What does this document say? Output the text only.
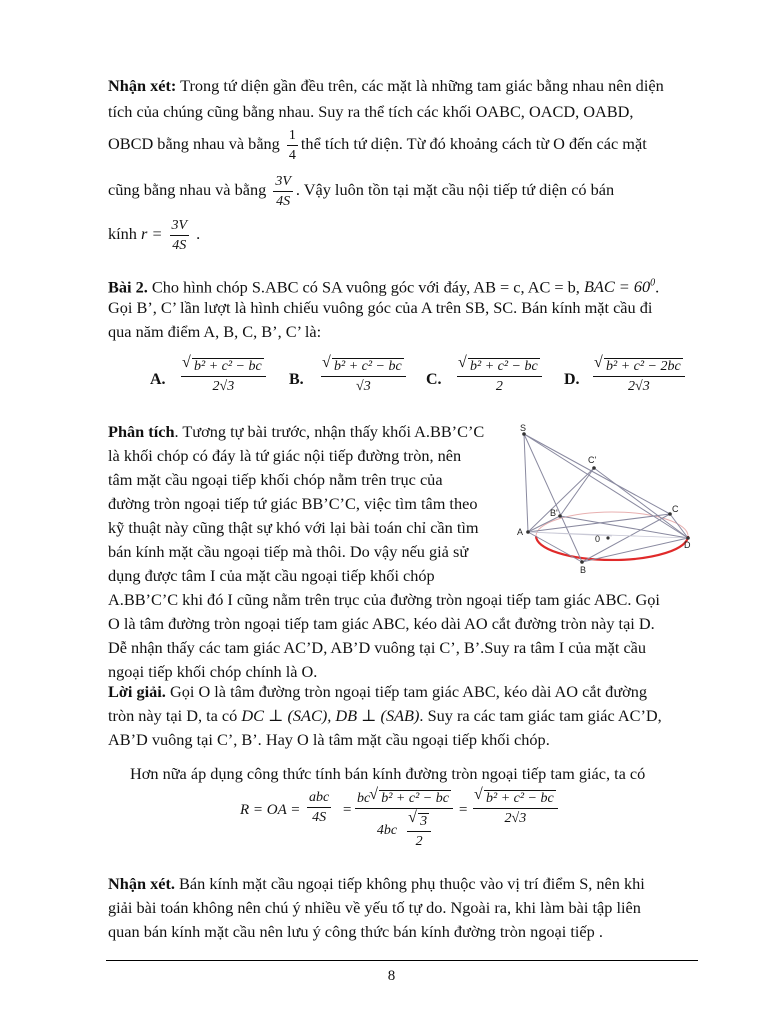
Nhận xét: Trong tứ diện gần đều trên, các mặt là những tam giác bằng nhau nên diện
tích của chúng cũng bằng nhau. Suy ra thể tích các khối OABC, OACD, OABD,
OBCD bằng nhau và bằng $\frac{1}{4}$ thể tích tứ diện. Từ đó khoảng cách từ O đến các mặt
cũng bằng nhau và bằng $\frac{3V}{4S}$ . Vậy luôn tồn tại mặt cầu nội tiếp tứ diện có bán
kính $r = \frac{3V}{4S}$ .
Bài 2. Cho hình chóp S.ABC có SA vuông góc với đáy, AB = c, AC = b, BAC = $60^0$.
Gọi B’, C’ lần lượt là hình chiếu vuông góc của A trên SB, SC. Bán kính mặt cầu đi
qua năm điểm A, B, C, B’, C’ là:
A. √ $\frac{\text{b² + c² − bc}}{2√3} B$. √ $\frac{\text{b² + c² − bc}}{√3} C$. √ $\frac{\text{b² + c² − bc}}{2} D$. √ $\frac{\text{b² + c² − 2bc}}{2√3}$
Phân tích. Tương tự bài trước, nhận thấy khối A.BB’C’C
là khối chóp có đáy là tứ giác nội tiếp đường tròn, nên
tâm mặt cầu ngoại tiếp khối chóp nằm trên trục của
đường tròn ngoại tiếp tứ giác BB’C’C, việc tìm tâm theo
kỹ thuật này cũng thật sự khó với lại bài toán chỉ cần tìm
bán kính mặt cầu ngoại tiếp mà thôi. Do vậy nếu giả sử
dụng được tâm I của mặt cầu ngoại tiếp khối chóp
A.BB’C’C khi đó I cũng nằm trên trục của đường tròn ngoại tiếp tam giác ABC. Gọi
O là tâm đường tròn ngoại tiếp tam giác ABC, kéo dài AO cắt đường tròn này tại D.
Dễ nhận thấy các tam giác AC’D, AB’D vuông tại C’, B’.Suy ra tâm I của mặt cầu
ngoại tiếp khối chóp chính là O.
S
C'
B'
A
0
C
D
B
Lời giải. Gọi O là tâm đường tròn ngoại tiếp tam giác ABC, kéo dài AO cắt đường
tròn này tại D, ta có DC ⊥ (SAC), DB ⊥ (SAB). Suy ra các tam giác tam giác AC’D,
AB’D vuông tại C’, B’. Hay O là tâm mặt cầu ngoại tiếp khối chóp.
Hơn nữa áp dụng công thức tính bán kính đường tròn ngoại tiếp tam giác, ta có
R = OA =
abc
4S	=
bc √ b² + c² − bc
4bc √ $\frac{3}{2}$
= √ $\frac{\text{b² + c² − bc}}{2√3}$
Nhận xét. Bán kính mặt cầu ngoại tiếp không phụ thuộc vào vị trí điểm S, nên khi
giải bài toán không nên chú ý nhiều về yếu tố tự do. Ngoài ra, khi làm bài tập liên
quan bán kính mặt cầu nên lưu ý công thức bán kính đường tròn ngoại tiếp .
8
